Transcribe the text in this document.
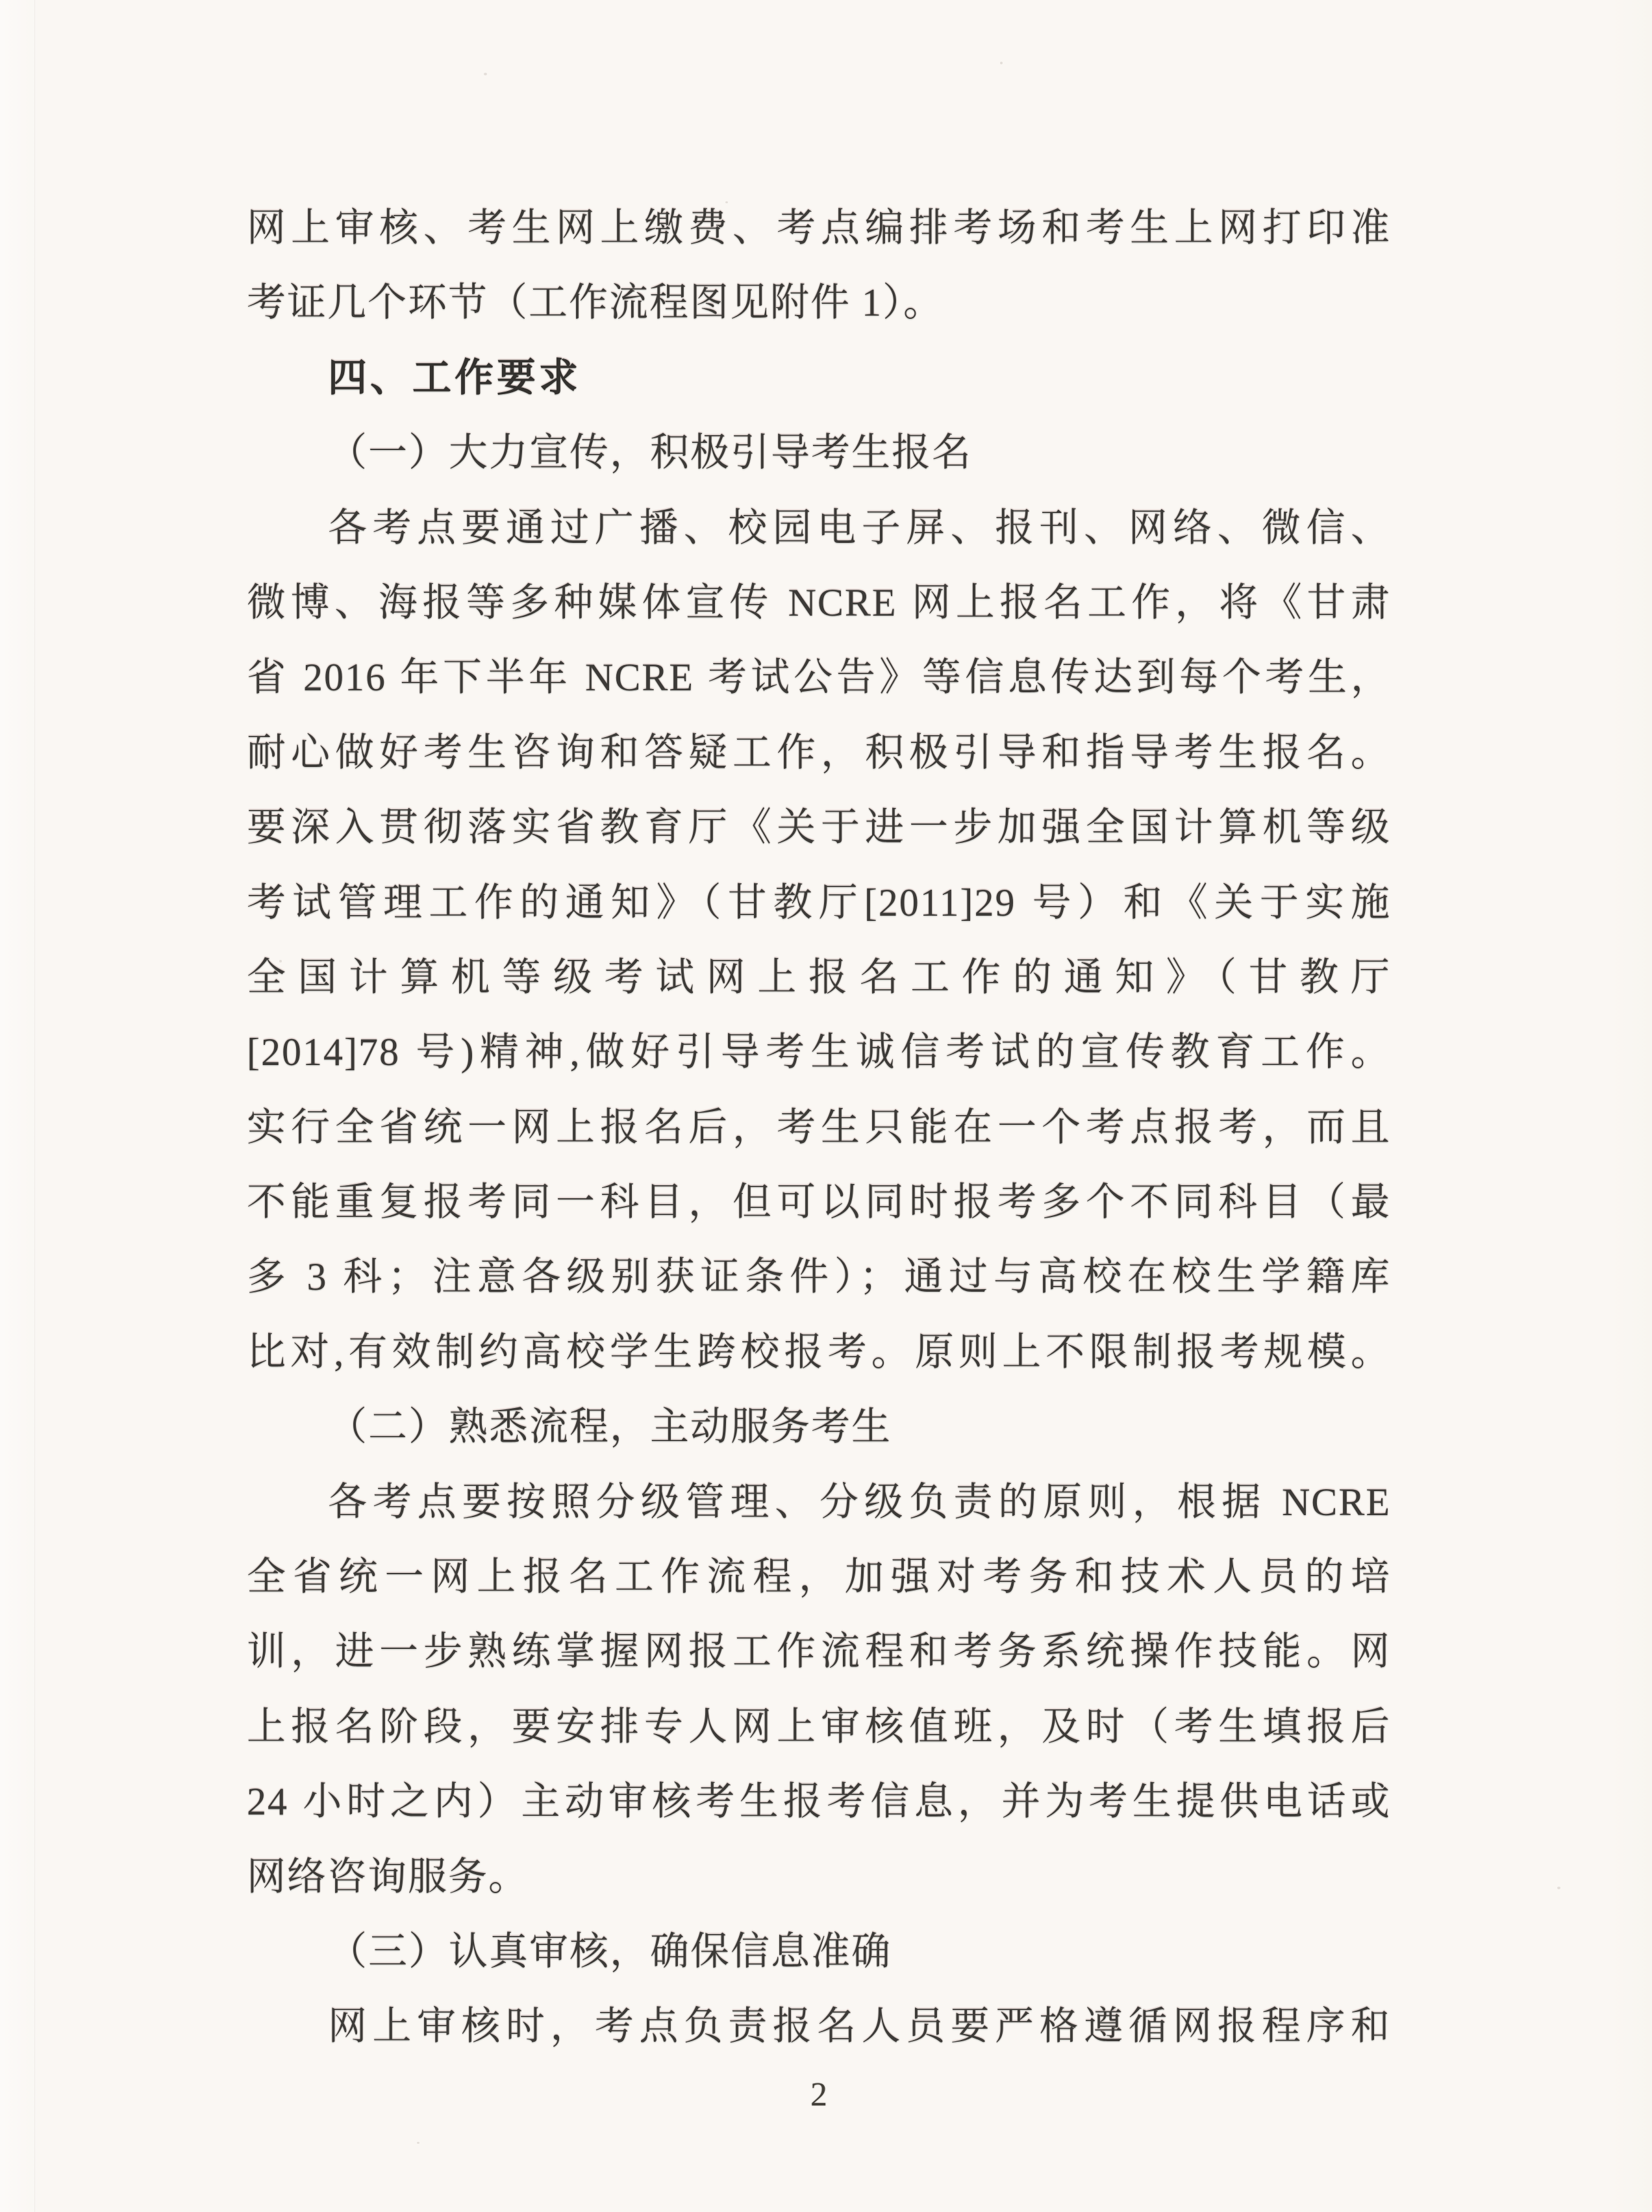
网上审核、考生网上缴费、考点编排考场和考生上网打印准
考证几个环节（工作流程图见附件 1）。
四、工作要求
（一）大力宣传，积极引导考生报名
各考点要通过广播、校园电子屏、报刊、网络、微信、
微博、海报等多种媒体宣传 NCRE 网上报名工作，将《甘肃
省 2016 年下半年 NCRE 考试公告》等信息传达到每个考生，
耐心做好考生咨询和答疑工作，积极引导和指导考生报名。
要深入贯彻落实省教育厅《关于进一步加强全国计算机等级
考试管理工作的通知》（甘教厅[2011]29 号）和《关于实施
全国计算机等级考试网上报名工作的通知》（甘教厅
[2014]78 号)精神,做好引导考生诚信考试的宣传教育工作。
实行全省统一网上报名后，考生只能在一个考点报考，而且
不能重复报考同一科目，但可以同时报考多个不同科目（最
多 3 科；注意各级别获证条件）；通过与高校在校生学籍库
比对,有效制约高校学生跨校报考。原则上不限制报考规模。
（二）熟悉流程，主动服务考生
各考点要按照分级管理、分级负责的原则，根据 NCRE
全省统一网上报名工作流程，加强对考务和技术人员的培
训，进一步熟练掌握网报工作流程和考务系统操作技能。网
上报名阶段，要安排专人网上审核值班，及时（考生填报后
24 小时之内）主动审核考生报考信息，并为考生提供电话或
网络咨询服务。
（三）认真审核，确保信息准确
网上审核时，考点负责报名人员要严格遵循网报程序和
2
